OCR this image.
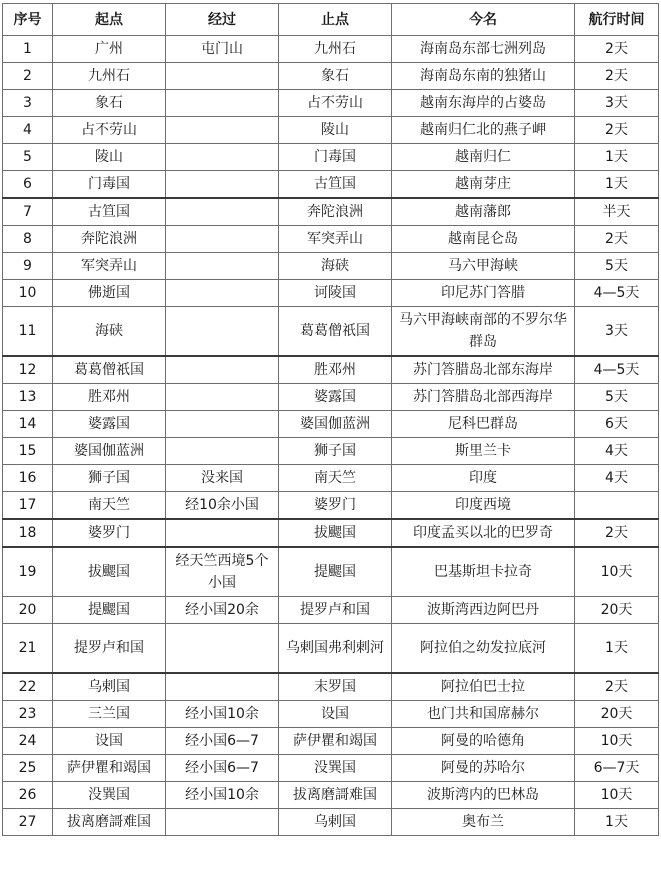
序号	起点	经过	止点	今名	航行时间
1	广州	屯门山	九州石	海南岛东部七洲列岛	2天
2	九州石		象石	海南岛东南的独猪山	2天
3	象石		占不劳山	越南东海岸的占婆岛	3天
4	占不劳山		陵山	越南归仁北的燕子岬	2天
5	陵山		门毒国	越南归仁	1天
6	门毒国		古笪国	越南芽庄	1天
7	古笪国		奔陀浪洲	越南藩郎	半天
8	奔陀浪洲		军突弄山	越南昆仑岛	2天
9	军突弄山		海硖	马六甲海峡	5天
10	佛逝国		诃陵国	印尼苏门答腊	4—5天
11	海硖		葛葛僧祇国	马六甲海峡南部的不罗尔华群岛	3天
12	葛葛僧祇国		胜邓州	苏门答腊岛北部东海岸	4—5天
13	胜邓州		婆露国	苏门答腊岛北部西海岸	5天
14	婆露国		婆国伽蓝洲	尼科巴群岛	6天
15	婆国伽蓝洲		狮子国	斯里兰卡	4天
16	狮子国	没来国	南天竺	印度	4天
17	南天竺	经10余小国	婆罗门	印度西境	
18	婆罗门		拔颸国	印度孟买以北的巴罗奇	2天
19	拔颸国	经天竺西境5个小国	提颸国	巴基斯坦卡拉奇	10天
20	提颸国	经小国20余	提罗卢和国	波斯湾西边阿巴丹	20天
21	提罗卢和国		乌剌国弗利剌河	阿拉伯之幼发拉底河	1天
22	乌剌国		末罗国	阿拉伯巴士拉	2天
23	三兰国	经小国10余	设国	也门共和国席赫尔	20天
24	设国	经小国6—7	萨伊瞿和竭国	阿曼的哈德角	10天
25	萨伊瞿和竭国	经小国6—7	没巽国	阿曼的苏哈尔	6—7天
26	没巽国	经小国10余	拔离磨謌难国	波斯湾内的巴林岛	10天
27	拔离磨謌难国		乌剌国	奥布兰	1天
